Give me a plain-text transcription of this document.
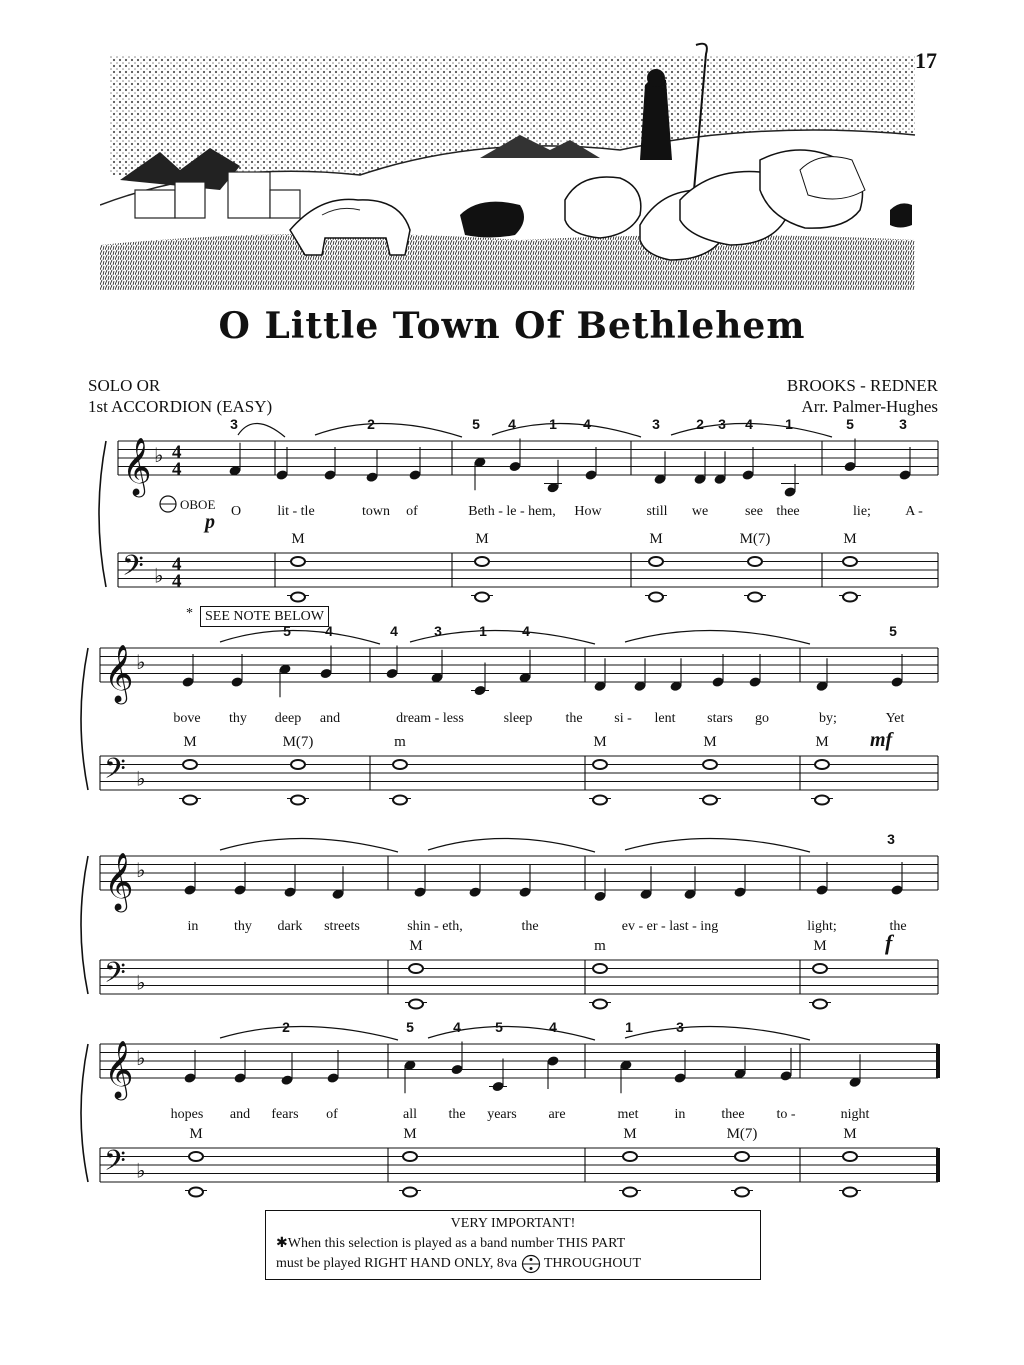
17
O Little Town Of Bethlehem
SOLO OR
1st ACCORDION (EASY)
BROOKS - REDNER
Arr. Palmer-Hughes
𝄞
𝄢
♭
♭
4
4
4
4
𝄞
𝄢
♭
♭
𝄞
𝄢
♭
♭
𝄞
𝄢
♭
♭
3	2	5 4 1 4	3	2 3 4 1	5	3
O	lit - tle	town of	Beth - le - hem, How	still we	see thee	lie; A -
M	M	M	M(7)	M
5 4	4	3	1	4	5
bove thy deep and	dream - less	sleep the si - lent stars go	by;	Yet
M	M(7)	m	M	M	M
3
in	thy dark streets	shin - eth,	the	ev - er - last - ing	light;	the
M	m	M
2	5	4 5	4	1	3
hopes and fears of	all the years are	met	in	thee to -	night
M	M	M	M(7)	M
OBOE
p
mf
f
* SEE NOTE BELOW
VERY IMPORTANT!
✱When this selection is played as a band number THIS PART
must be played RIGHT HAND ONLY, 8va THROUGHOUT
